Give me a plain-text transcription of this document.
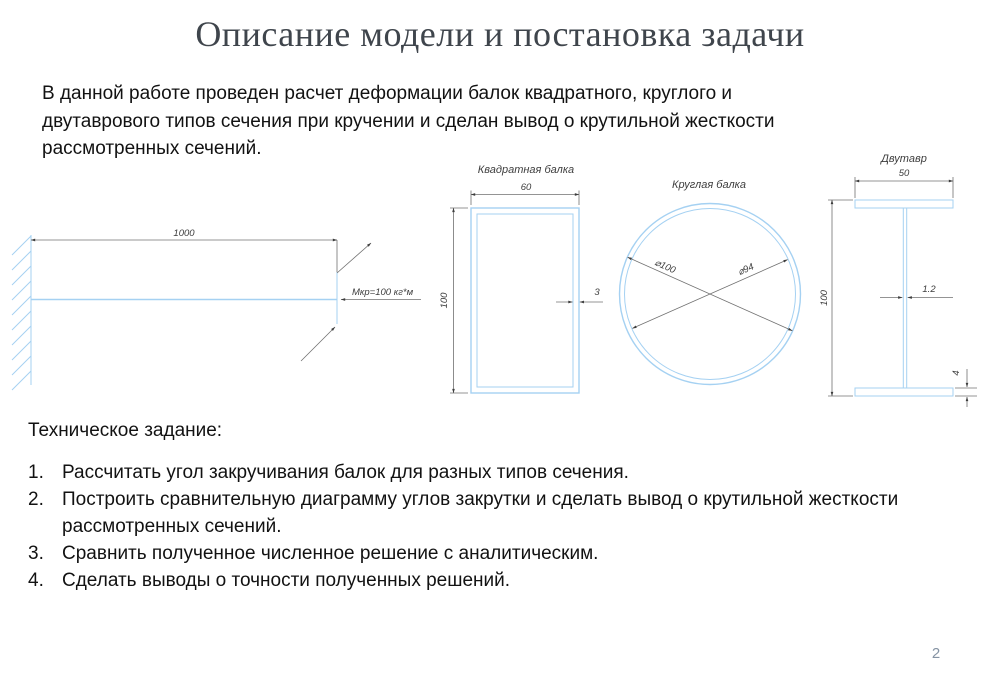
Описание модели и постановка задачи
В данной работе проведен расчет деформации балок квадратного, круглого и
двутаврового типов сечения при кручении и сделан вывод о крутильной жесткости
рассмотренных сечений.
1000
Мкр=100 кг*м
Квадратная балка
60
100
3
Круглая балка
⌀100	⌀94
Двутавр
50
100
1.2
4
Техническое задание:
1. Рассчитать угол закручивания балок для разных типов сечения.
2. Построить сравнительную диаграмму углов закрутки и сделать вывод о крутильной жесткости
рассмотренных сечений.
3. Сравнить полученное численное решение с аналитическим.
4. Сделать выводы о точности полученных решений.
2
